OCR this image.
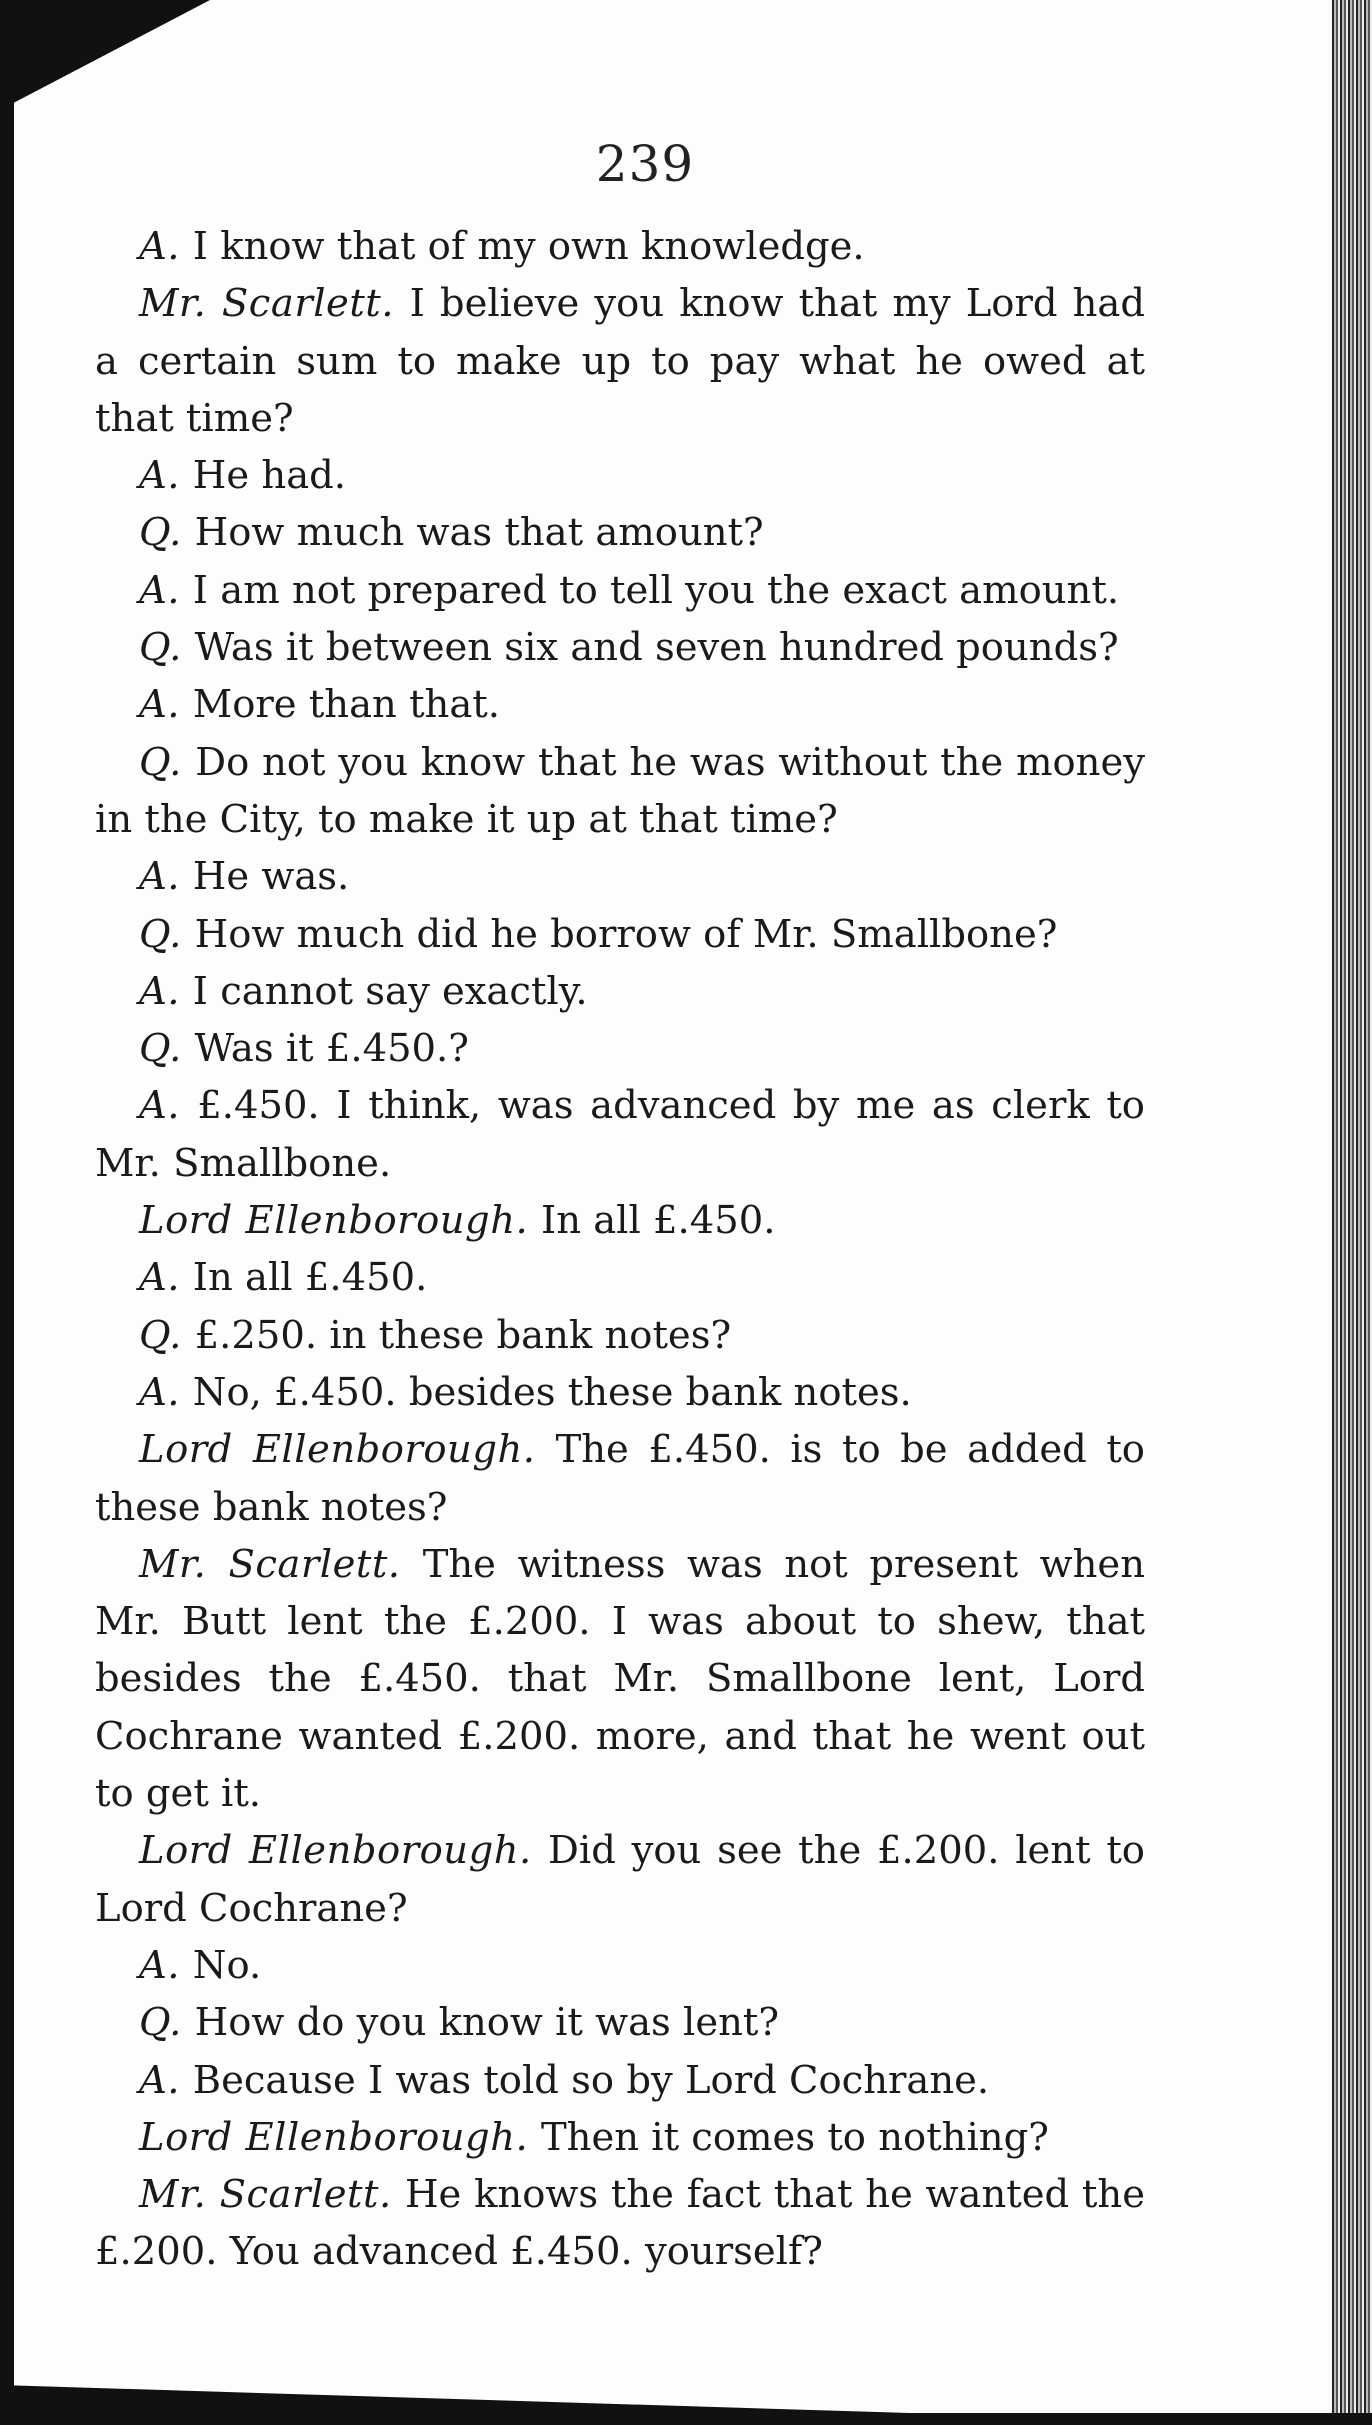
239

A. I know that of my own knowledge.

Mr. Scarlett. I believe you know that my Lord had a certain sum to make up to pay what he owed at that time?

A. He had.

Q. How much was that amount?

A. I am not prepared to tell you the exact amount.

Q. Was it between six and seven hundred pounds?

A. More than that.

Q. Do not you know that he was without the money in the City, to make it up at that time?

A. He was.

Q. How much did he borrow of Mr. Smallbone?

A. I cannot say exactly.

Q. Was it £.450.?

A. £.450. I think, was advanced by me as clerk to Mr. Smallbone.

Lord Ellenborough. In all £.450.

A. In all £.450.

Q. £.250. in these bank notes?

A. No, £.450. besides these bank notes.

Lord Ellenborough. The £.450. is to be added to these bank notes?

Mr. Scarlett. The witness was not present when Mr. Butt lent the £.200. I was about to shew, that besides the £.450. that Mr. Smallbone lent, Lord Cochrane wanted £.200. more, and that he went out to get it.

Lord Ellenborough. Did you see the £.200. lent to Lord Cochrane?

A. No.

Q. How do you know it was lent?

A. Because I was told so by Lord Cochrane.

Lord Ellenborough. Then it comes to nothing?

Mr. Scarlett. He knows the fact that he wanted the £.200. You advanced £.450. yourself?
